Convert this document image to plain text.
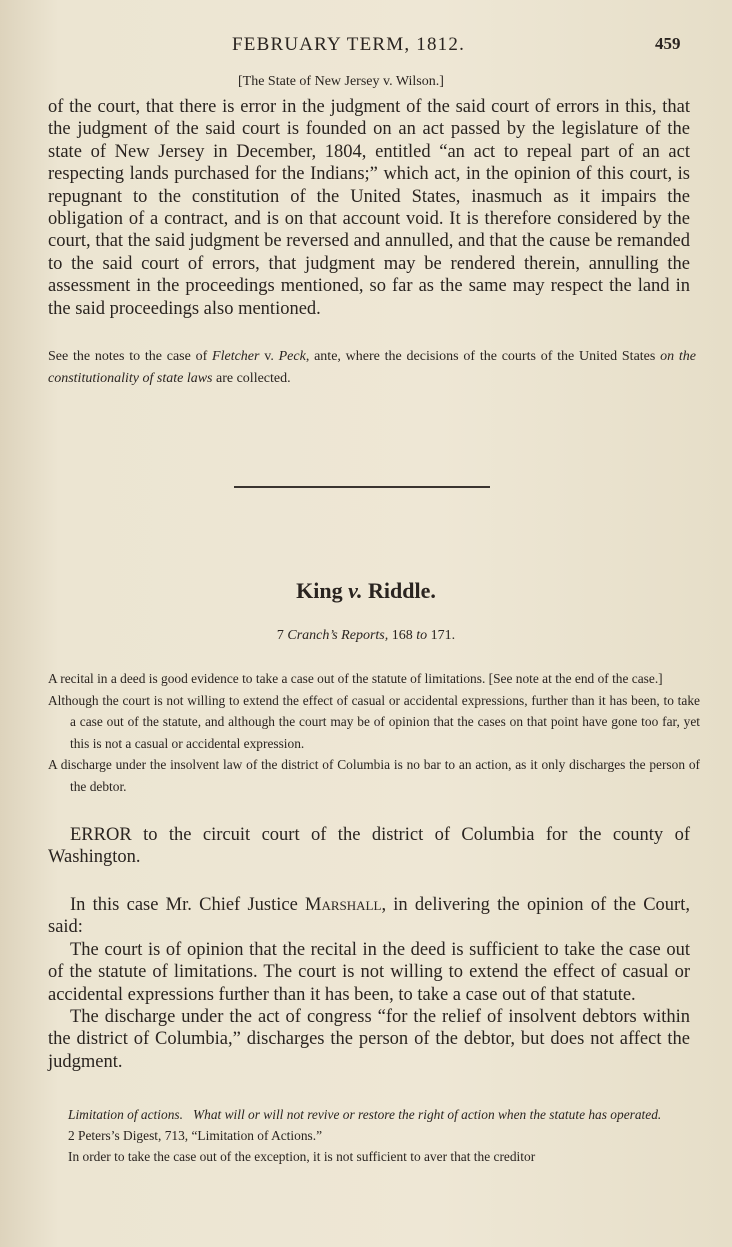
FEBRUARY TERM, 1812.	459

[The State of New Jersey v. Wilson.]

of the court, that there is error in the judgment of the said court of errors in this, that the judgment of the said court is founded on an act passed by the legislature of the state of New Jersey in December, 1804, entitled “an act to repeal part of an act respecting lands purchased for the Indians;” which act, in the opinion of this court, is repugnant to the constitution of the United States, inasmuch as it impairs the obligation of a contract, and is on that account void. It is therefore considered by the court, that the said judgment be reversed and annulled, and that the cause be remanded to the said court of errors, that judgment may be rendered therein, annulling the assessment in the proceedings mentioned, so far as the same may respect the land in the said proceedings also mentioned.

See the notes to the case of Fletcher v. Peck, ante, where the decisions of the courts of the United States on the constitutionality of state laws are collected.

King v. Riddle.

7 Cranch’s Reports, 168 to 171.

A recital in a deed is good evidence to take a case out of the statute of limitations. [See note at the end of the case.]
Although the court is not willing to extend the effect of casual or accidental expressions, further than it has been, to take a case out of the statute, and although the court may be of opinion that the cases on that point have gone too far, yet this is not a casual or accidental expression.
A discharge under the insolvent law of the district of Columbia is no bar to an action, as it only discharges the person of the debtor.

ERROR to the circuit court of the district of Columbia for the county of Washington.

In this case Mr. Chief Justice Marshall, in delivering the opinion of the Court, said:
The court is of opinion that the recital in the deed is sufficient to take the case out of the statute of limitations. The court is not willing to extend the effect of casual or accidental expressions further than it has been, to take a case out of that statute.
The discharge under the act of congress “for the relief of insolvent debtors within the district of Columbia,” discharges the person of the debtor, but does not affect the judgment.
Limitation of actions. What will or will not revive or restore the right of action when the statute has operated.
2 Peters’s Digest, 713, “Limitation of Actions.”
In order to take the case out of the exception, it is not sufficient to aver that the creditor
